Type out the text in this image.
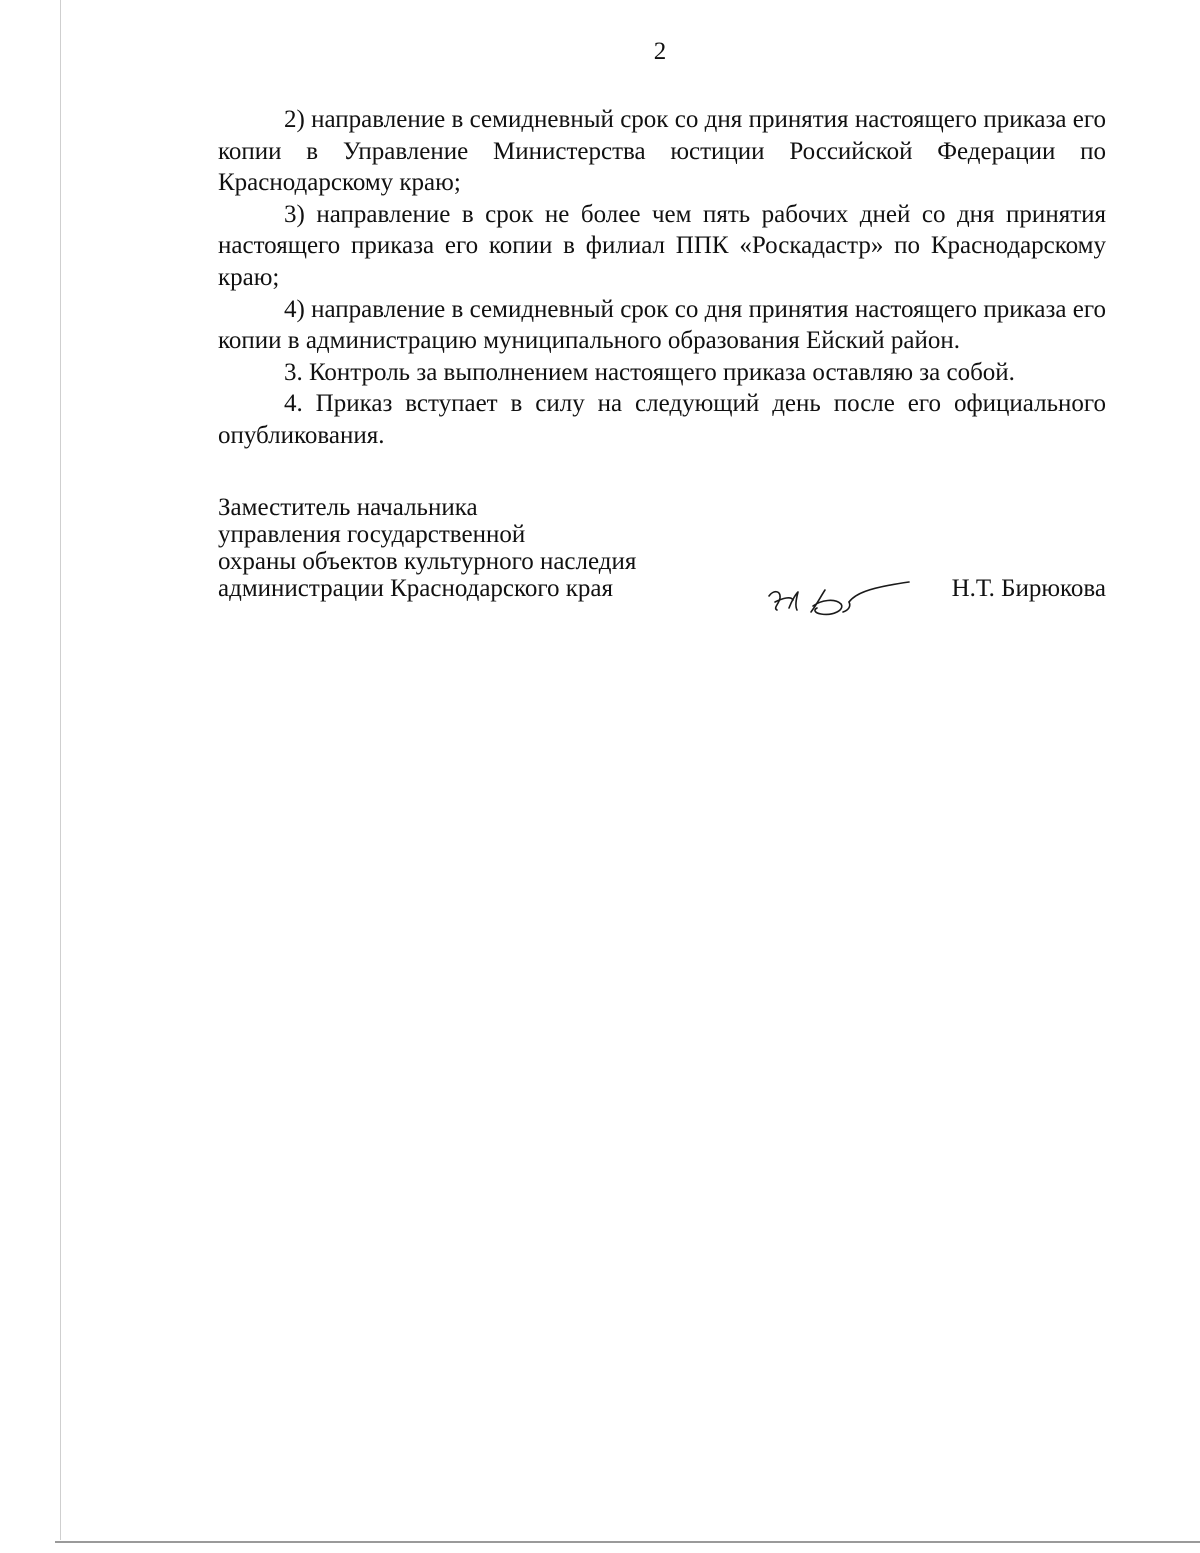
2

2) направление в семидневный срок со дня принятия настоящего приказа его копии в Управление Министерства юстиции Российской Федерации по Краснодарскому краю;

3) направление в срок не более чем пять рабочих дней со дня принятия настоящего приказа его копии в филиал ППК «Роскадастр» по Краснодарскому краю;

4) направление в семидневный срок со дня принятия настоящего приказа его копии в администрацию муниципального образования Ейский район.

3. Контроль за выполнением настоящего приказа оставляю за собой.

4. Приказ вступает в силу на следующий день после его официального опубликования.

Заместитель начальника
управления государственной
охраны объектов культурного наследия
администрации Краснодарского края	Н.Т. Бирюкова
